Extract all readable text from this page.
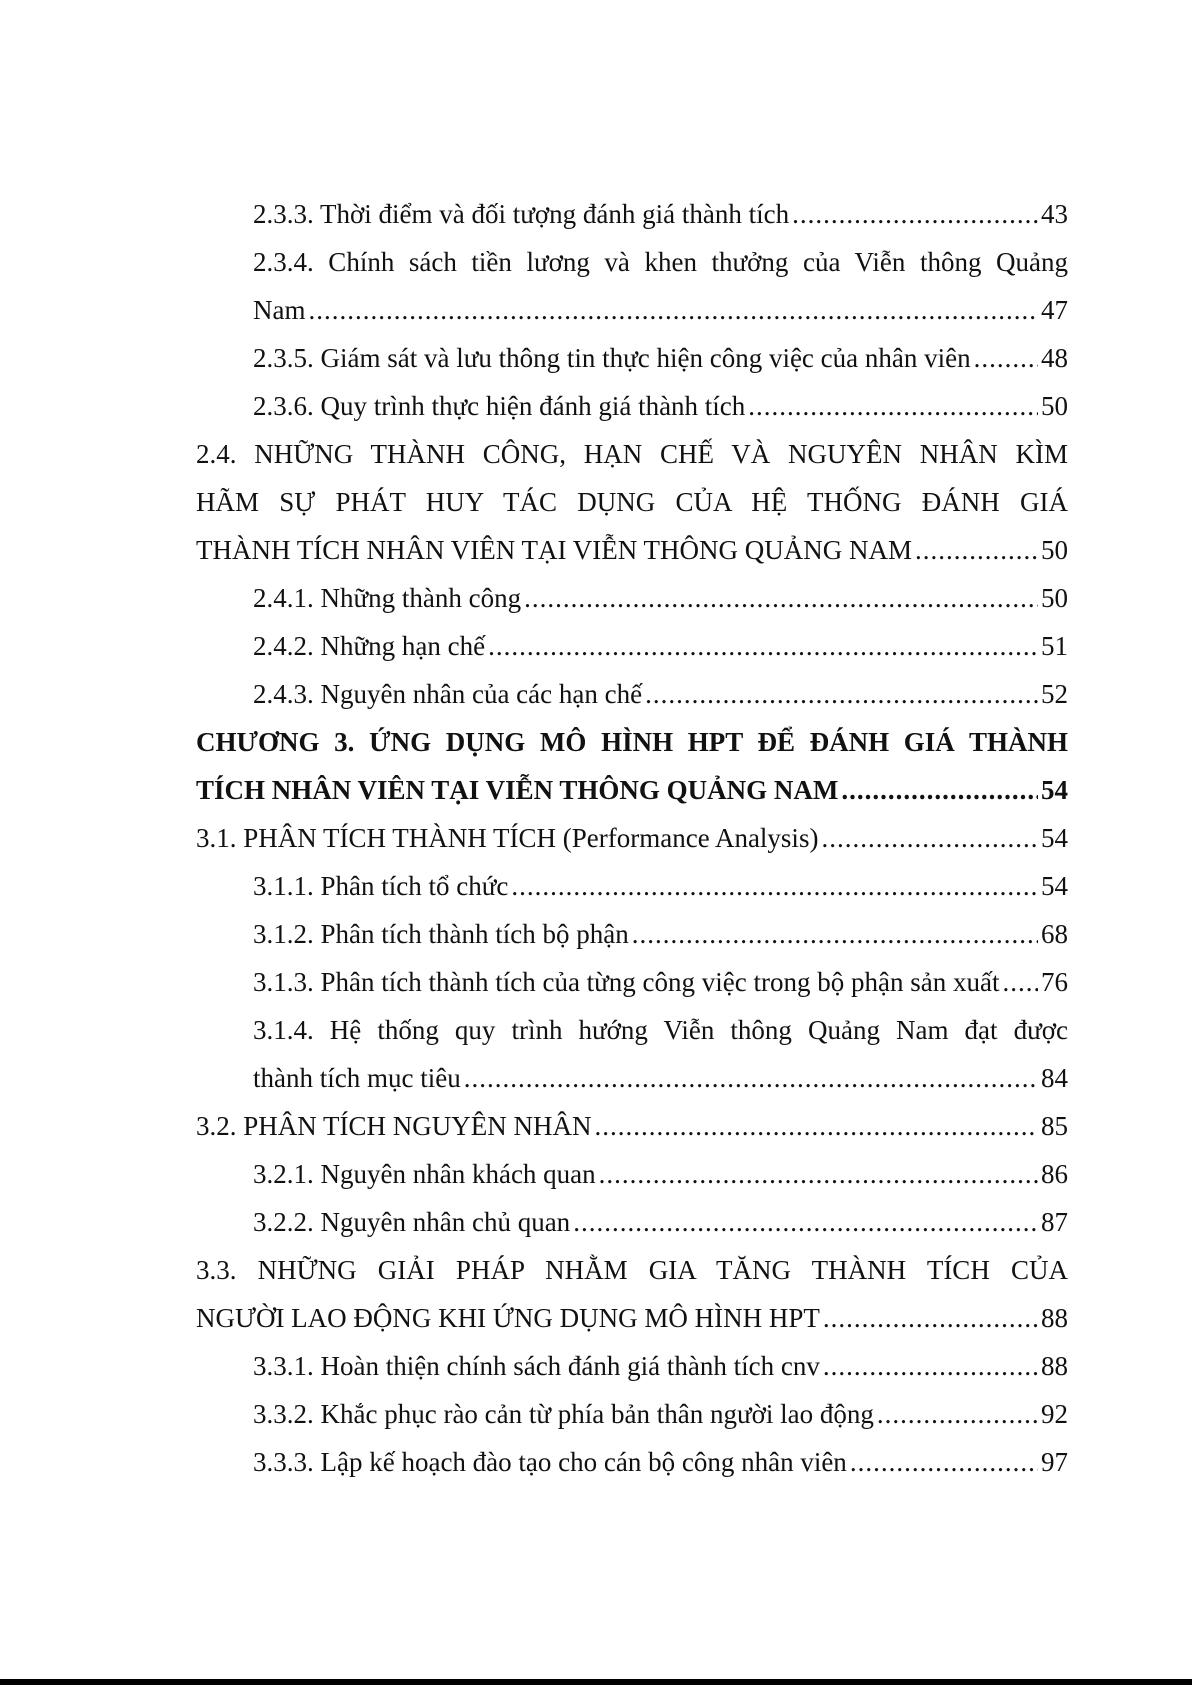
2.3.3. Thời điểm và đối tượng đánh giá thành tích .....	43
2.3.4. Chính sách tiền lương và khen thưởng của Viễn thông Quảng
Nam .....	47
2.3.5. Giám sát và lưu thông tin thực hiện công việc của nhân viên .....	48
2.3.6. Quy trình thực hiện đánh giá thành tích .....	50
2.4. NHỮNG THÀNH CÔNG, HẠN CHẾ VÀ NGUYÊN NHÂN KÌM
HÃM SỰ PHÁT HUY TÁC DỤNG CỦA HỆ THỐNG ĐÁNH GIÁ
THÀNH TÍCH NHÂN VIÊN TẠI VIỄN THÔNG QUẢNG NAM .....	50
2.4.1. Những thành công .....	50
2.4.2. Những hạn chế .....	51
2.4.3. Nguyên nhân của các hạn chế .....	52
CHƯƠNG 3. ỨNG DỤNG MÔ HÌNH HPT ĐỂ ĐÁNH GIÁ THÀNH
TÍCH NHÂN VIÊN TẠI VIỄN THÔNG QUẢNG NAM .....	54
3.1. PHÂN TÍCH THÀNH TÍCH (Performance Analysis) .....	54
3.1.1. Phân tích tổ chức .....	54
3.1.2. Phân tích thành tích bộ phận .....	68
3.1.3. Phân tích thành tích của từng công việc trong bộ phận sản xuất ..... 76
3.1.4. Hệ thống quy trình hướng Viễn thông Quảng Nam đạt được
thành tích mục tiêu .....	84
3.2. PHÂN TÍCH NGUYÊN NHÂN .....	85
3.2.1. Nguyên nhân khách quan .....	86
3.2.2. Nguyên nhân chủ quan .....	87
3.3. NHỮNG GIẢI PHÁP NHẰM GIA TĂNG THÀNH TÍCH CỦA
NGƯỜI LAO ĐỘNG KHI ỨNG DỤNG MÔ HÌNH HPT .....	88
3.3.1. Hoàn thiện chính sách đánh giá thành tích cnv .....	88
3.3.2. Khắc phục rào cản từ phía bản thân người lao động .....	92
3.3.3. Lập kế hoạch đào tạo cho cán bộ công nhân viên .....	97
